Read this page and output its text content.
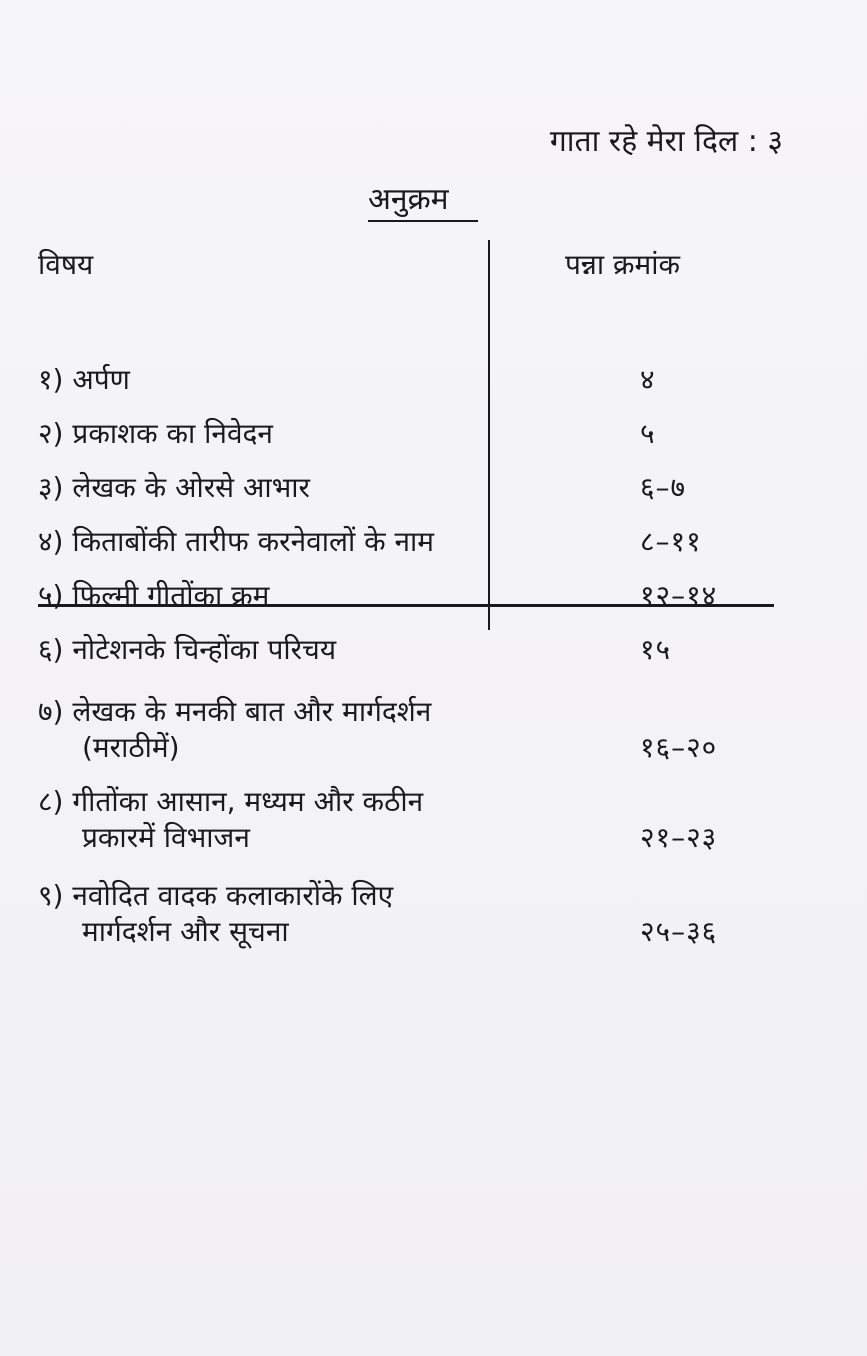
गाता रहे मेरा दिल : ३
अनुक्रम
विषय	पन्ना क्रमांक
१) अर्पण	४
२) प्रकाशक का निवेदन	५
३) लेखक के ओरसे आभार	६–७
४) किताबोंकी तारीफ करनेवालों के नाम	८–११
५) फिल्मी गीतोंका क्रम	१२–१४
६) नोटेशनके चिन्होंका परिचय	१५
७) लेखक के मनकी बात और मार्गदर्शन
(मराठीमें)	१६–२०
८) गीतोंका आसान, मध्यम और कठीन
प्रकारमें विभाजन	२१–२३
९) नवोदित वादक कलाकारोंके लिए
मार्गदर्शन और सूचना	२५–३६
